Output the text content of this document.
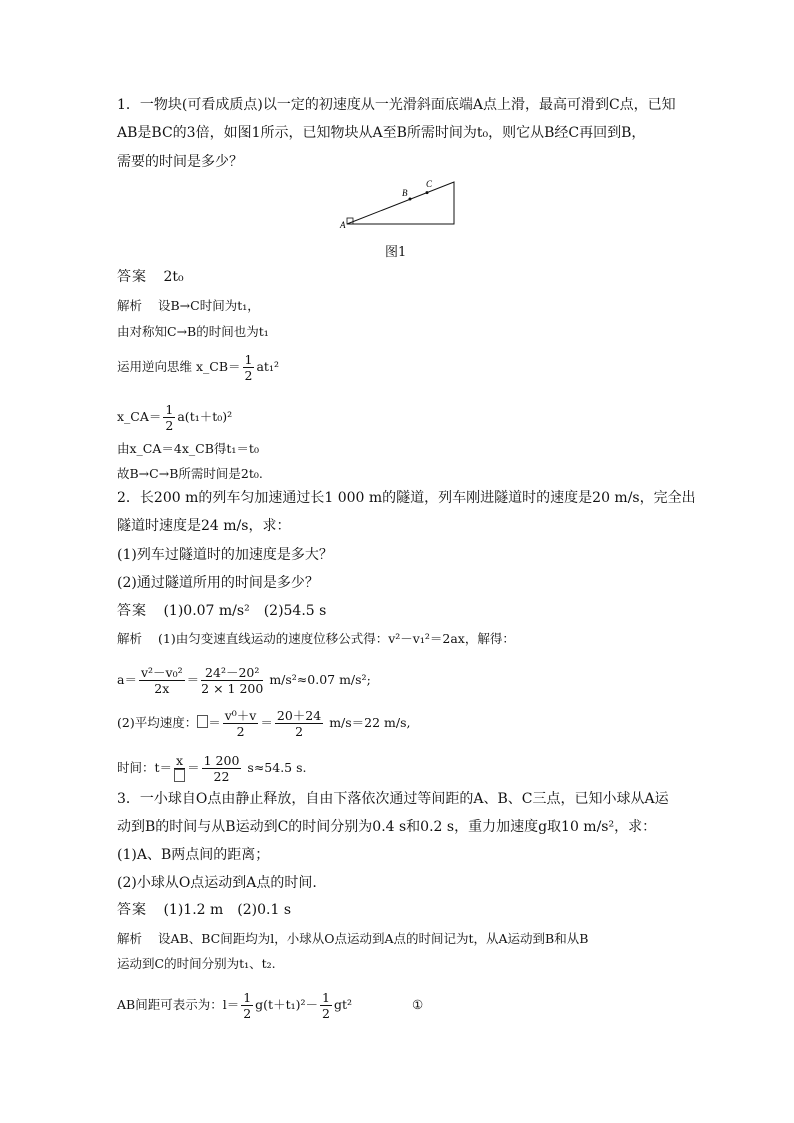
1．一物块(可看成质点)以一定的初速度从一光滑斜面底端A点上滑，最高可滑到C点，已知
AB是BC的3倍，如图1所示，已知物块从A至B所需时间为t₀，则它从B经C再回到B，
需要的时间是多少？
A
B
C
图1
答案 2t₀
解析 设B→C时间为t₁，
由对称知C→B的时间也为t₁
运用逆向思维 x_CB＝ $\frac{1}{2} at_1^2$
x_CA＝ $\frac{1}{2} a(t_1+t_0)^2$
由x_CA＝4x_CB得t₁＝t₀
故B→C→B所需时间是2t₀.
2．长200 m的列车匀加速通过长1 000 m的隧道，列车刚进隧道时的速度是20 m/s，完全出
隧道时速度是24 m/s，求：
(1)列车过隧道时的加速度是多大？
(2)通过隧道所用的时间是多少？
答案 (1)0.07 m/s²　(2)54.5 s
解析 (1)由匀变速直线运动的速度位移公式得：v²－v₁²＝2ax，解得：
$a= \frac{\text{v²－v₀²}}{2x} = \frac{\text{24²－20²}}{2 \times 1 200} m/s^2\approx 0.07$ m/s²;
(2)平均速度： ＝ $\frac{\text{v⁰＋v}}{2} = \frac{20+24}{2} m/s=22$ m/s,
时间：$t= x = \frac{1 200}{22} s\approx 54.5$ s.
3．一小球自O点由静止释放，自由下落依次通过等间距的A、B、C三点，已知小球从A运
动到B的时间与从B运动到C的时间分别为0.4 s和0.2 s，重力加速度g取10 m/s²，求：
(1)A、B两点间的距离；
(2)小球从O点运动到A点的时间.
答案 (1)1.2 m　(2)0.1 s
解析 设AB、BC间距均为l，小球从O点运动到A点的时间记为t，从A运动到B和从B
运动到C的时间分别为t₁、t₂.
AB间距可表示为：$l= \frac{1}{2} g(t+t_1)^2- \frac{1}{2} gt^2$	①
